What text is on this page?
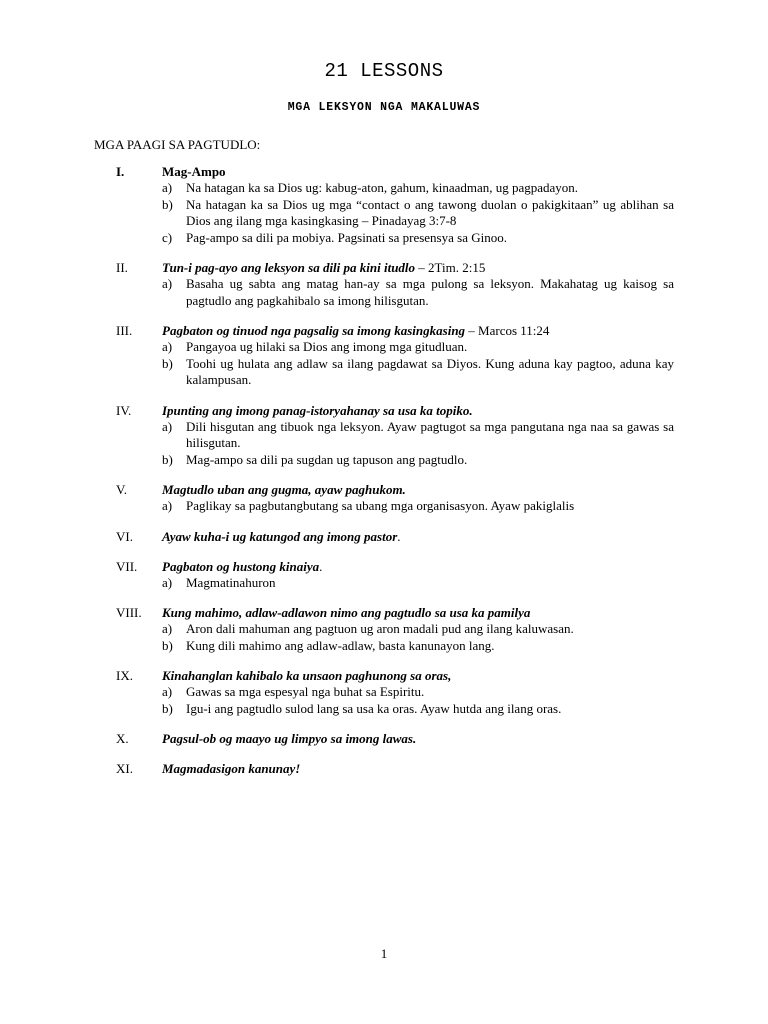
21 LESSONS
MGA LEKSYON NGA MAKALUWAS
MGA PAAGI SA PAGTUDLO:
I.	Mag-Ampo
a) Na hatagan ka sa Dios ug: kabug-aton, gahum, kinaadman, ug pagpadayon.
b) Na hatagan ka sa Dios ug mga “contact o ang tawong duolan o pakigkitaan” ug ablihan sa Dios ang ilang mga kasingkasing – Pinadayag 3:7-8
c) Pag-ampo sa dili pa mobiya. Pagsinati sa presensya sa Ginoo.
II.	Tun-i pag-ayo ang leksyon sa dili pa kini itudlo – 2Tim. 2:15
a) Basaha ug sabta ang matag han-ay sa mga pulong sa leksyon. Makahatag ug kaisog sa pagtudlo ang pagkahibalo sa imong hilisgutan.
III. Pagbaton og tinuod nga pagsalig sa imong kasingkasing – Marcos 11:24
a) Pangayoa ug hilaki sa Dios ang imong mga gitudluan.
b) Toohi ug hulata ang adlaw sa ilang pagdawat sa Diyos. Kung aduna kay pagtoo, aduna kay kalampusan.
IV. Ipunting ang imong panag-istoryahanay sa usa ka topiko.
a) Dili hisgutan ang tibuok nga leksyon. Ayaw pagtugot sa mga pangutana nga naa sa gawas sa hilisgutan.
b) Mag-ampo sa dili pa sugdan ug tapuson ang pagtudlo.
V.	Magtudlo uban ang gugma, ayaw paghukom.
a) Paglikay sa pagbutangbutang sa ubang mga organisasyon. Ayaw pakiglalis
VI. Ayaw kuha-i ug katungod ang imong pastor.
VII. Pagbaton og hustong kinaiya.
a) Magmatinahuron
VIII. Kung mahimo, adlaw-adlawon nimo ang pagtudlo sa usa ka pamilya
a) Aron dali mahuman ang pagtuon ug aron madali pud ang ilang kaluwasan.
b) Kung dili mahimo ang adlaw-adlaw, basta kanunayon lang.
IX. Kinahanglan kahibalo ka unsaon paghunong sa oras,
a) Gawas sa mga espesyal nga buhat sa Espiritu.
b) Igu-i ang pagtudlo sulod lang sa usa ka oras. Ayaw hutda ang ilang oras.
X.	Pagsul-ob og maayo ug limpyo sa imong lawas.
XI. Magmadasigon kanunay!
1
